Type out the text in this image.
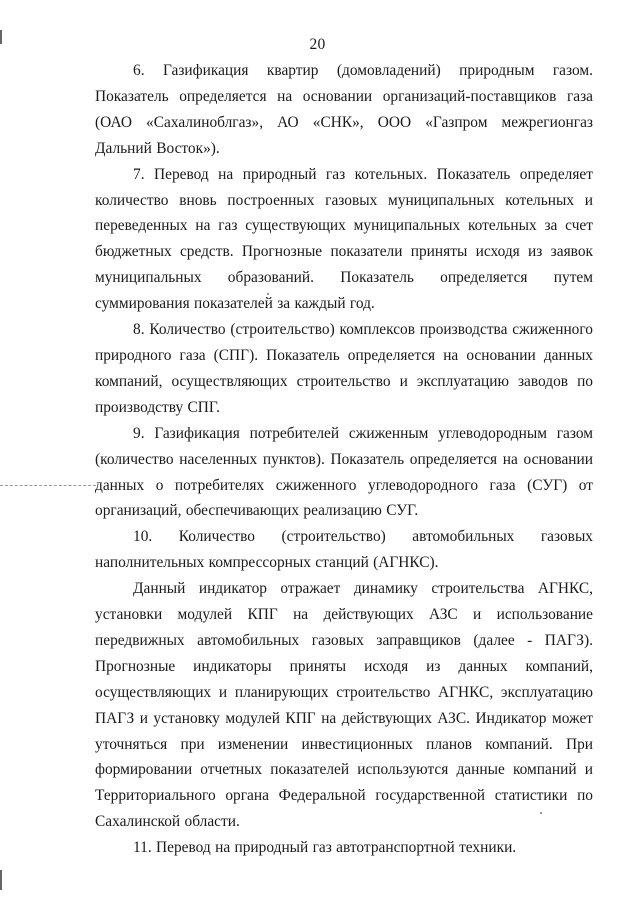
20

6. Газификация квартир (домовладений) природным газом. Показатель определяется на основании организаций-поставщиков газа (ОАО «Сахалиноблгаз», АО «СНК», ООО «Газпром межрегионгаз Дальний Восток»).

7. Перевод на природный газ котельных. Показатель определяет количество вновь построенных газовых муниципальных котельных и переведенных на газ существующих муниципальных котельных за счет бюджетных средств. Прогнозные показатели приняты исходя из заявок муниципальных образований. Показатель определяется путем суммирования показателей за каждый год.

8. Количество (строительство) комплексов производства сжиженного природного газа (СПГ). Показатель определяется на основании данных компаний, осуществляющих строительство и эксплуатацию заводов по производству СПГ.

9. Газификация потребителей сжиженным углеводородным газом (количество населенных пунктов). Показатель определяется на основании данных о потребителях сжиженного углеводородного газа (СУГ) от организаций, обеспечивающих реализацию СУГ.

10. Количество (строительство) автомобильных газовых наполнительных компрессорных станций (АГНКС).

Данный индикатор отражает динамику строительства АГНКС, установки модулей КПГ на действующих АЗС и использование передвижных автомобильных газовых заправщиков (далее - ПАГЗ). Прогнозные индикаторы приняты исходя из данных компаний, осуществляющих и планирующих строительство АГНКС, эксплуатацию ПАГЗ и установку модулей КПГ на действующих АЗС. Индикатор может уточняться при изменении инвестиционных планов компаний. При формировании отчетных показателей используются данные компаний и Территориального органа Федеральной государственной статистики по Сахалинской области.

11. Перевод на природный газ автотранспортной техники.
